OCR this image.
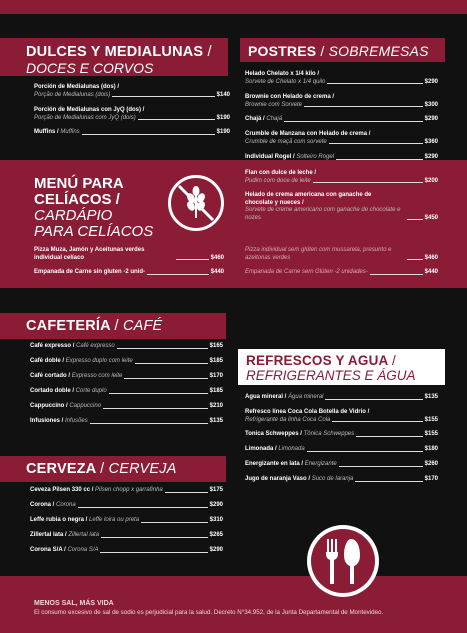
DULCES Y MEDIALUNAS /
DOCES E CORVOS
POSTRES / SOBREMESAS
Porción de Medialunas (dos) /
Porção de Medialunas (dois)	$140
Porción de Medialunas con JyQ (dos) /
Porção de Medialunas com JyQ (dois)	$190
Muffins /
Muffins	$190
Helado Chelato x 1/4 kilo /
Sorvete de Chelato x 1/4 quilo	$290
Brownie con Helado de crema /
Brownie com Sorvete	$300
Chajá /
Chajá	$290
Crumble de Manzana con Helado de crema /
Crumble de maçã com sorvete	$360
Individual Rogel /
Solteiro Rogel	$290
Flan con dulce de leche /
Pudim com doce de leite	$200
Helado de crema americana con ganache de chocolate y nueces /
Sorvete de creme americano com ganache de chocolate e nozes	$450
MENÚ PARA
CELÍACOS /
CARDÁPIO
PARA CELÍACOS
Pizza Muza, Jamón y Aceitunas verdes individual celíaco	$460
Empanada de Carne sin gluten -2 unid-	$440
Pizza individual sem glúten com mussarela, presunto e azeitonas verdes	$460
Empanada de Carne sem Glúten -2 unidades-	$440
CAFETERÍA / CAFÉ
Café expresso /
Café expresso	$165
Café doble /
Expresso duplo com leite	$185
Café cortado /
Expresso com leite	$170
Cortado doble /
Corte duplo	$185
Cappuccino /
Cappuccino	$210
Infusiones /
Infusões	$135
REFRESCOS Y AGUA /
REFRIGERANTES E ÁGUA
Agua mineral /
Água mineral	$135
Refresco línea Coca Cola Botella de Vidrio /
Refrigerante da linha Coca Cola	$155
Tonica Schweppes /
Tônica Schweppes	$155
Limonada /
Limonada	$180
Energizante en lata /
Energizante	$260
Jugo de naranja Vaso /
Suco de laranja	$170
CERVEZA / CERVEJA
Ceveza Pilsen 330 cc /
Pilsen chopp x garrafinha	$175
Corona /
Corona	$290
Leffe rubia o negra /
Leffe loira ou preta	$310
Zillertal lata /
Zillertal lata	$265
Corona S/A /
Corona S/A	$290
MENOS SAL, MÁS VIDA
El consumo excesivo de sal de sodio es perjudicial para la salud. Decreto N°34.952, de la Junta Departamental de Montevideo.
